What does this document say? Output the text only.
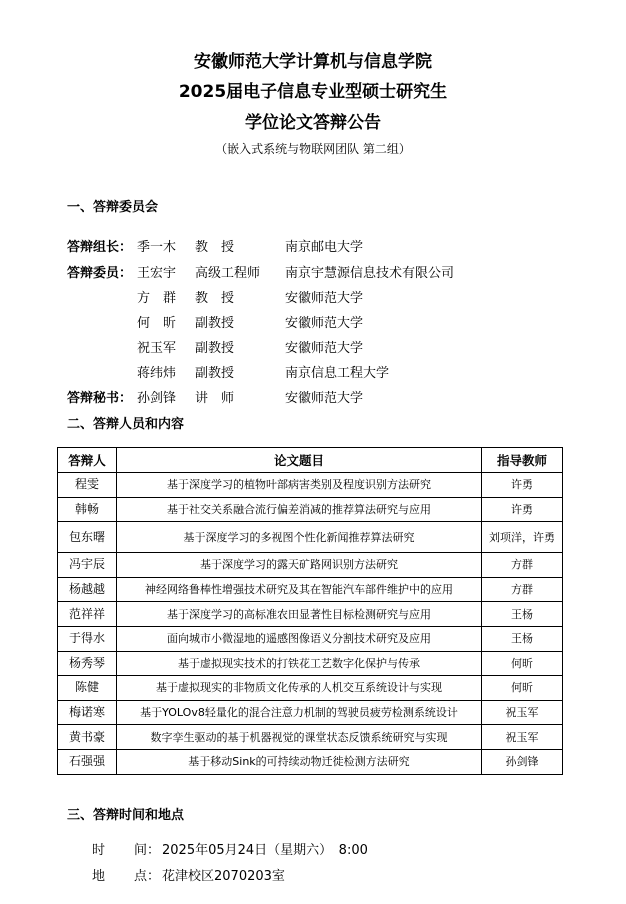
安徽师范大学计算机与信息学院
2025届电子信息专业型硕士研究生
学位论文答辩公告
（嵌入式系统与物联网团队 第二组）
一、答辩委员会
答辩组长： 季一木 教　授	南京邮电大学
答辩委员： 王宏宇 高级工程师 南京宇慧源信息技术有限公司
方　群 教　授	安徽师范大学
何　昕 副教授	安徽师范大学
祝玉军 副教授	安徽师范大学
蒋纬炜 副教授	南京信息工程大学
答辩秘书： 孙剑锋 讲　师	安徽师范大学
二、答辩人员和内容
答辩人	论文题目	指导教师
程雯	基于深度学习的植物叶部病害类别及程度识别方法研究	许勇
韩畅	基于社交关系融合流行偏差消减的推荐算法研究与应用	许勇
包东曙	基于深度学习的多视图个性化新闻推荐算法研究	刘项洋，许勇
冯宇辰	基于深度学习的露天矿路网识别方法研究	方群
杨越越	神经网络鲁棒性增强技术研究及其在智能汽车部件维护中的应用	方群
范祥祥	基于深度学习的高标准农田显著性目标检测研究与应用	王杨
于得水	面向城市小微湿地的遥感图像语义分割技术研究及应用	王杨
杨秀琴	基于虚拟现实技术的打铁花工艺数字化保护与传承	何昕
陈健	基于虚拟现实的非物质文化传承的人机交互系统设计与实现	何昕
梅诺寒	基于YOLOv8轻量化的混合注意力机制的驾驶员疲劳检测系统设计	祝玉军
黄书豪	数字孪生驱动的基于机器视觉的课堂状态反馈系统研究与实现	祝玉军
石强强	基于移动Sink的可持续动物迁徙检测方法研究	孙剑锋
三、答辩时间和地点
时 间： 2025年05月24日（星期六）　8:00
地 点： 花津校区2070203室
